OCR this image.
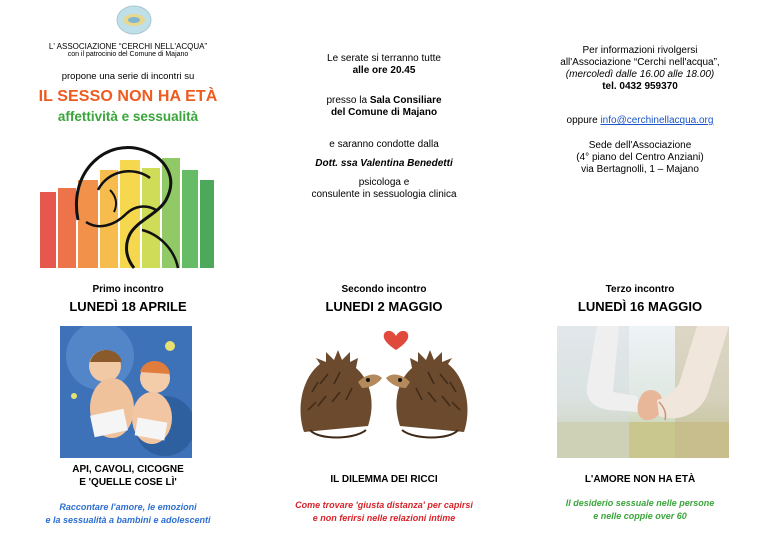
L' ASSOCIAZIONE “CERCHI NELL'ACQUA”
con il patrocinio del Comune di Majano
propone una serie di incontri su
IL SESSO NON HA ETÀ
affettività e sessualità
Primo incontro
LUNEDÌ 18 APRILE
API, CAVOLI, CICOGNE
E 'QUELLE COSE LÌ'
Raccontare l'amore, le emozioni
e la sessualità a bambini e adolescenti
Le serate si terranno tutte
alle ore 20.45
presso la Sala Consiliare
del Comune di Majano
e saranno condotte dalla
Dott. ssa Valentina Benedetti
psicologa e
consulente in sessuologia clinica
Secondo incontro
LUNEDI 2 MAGGIO
IL DILEMMA DEI RICCI
Come trovare 'giusta distanza' per capirsi
e non ferirsi nelle relazioni intime
Per informazioni rivolgersi
all'Associazione “Cerchi nell'acqua”,
(mercoledì dalle 16.00 alle 18.00)
tel. 0432 959370
oppure info@cerchinellacqua.org
Sede dell'Associazione
(4° piano del Centro Anziani)
via Bertagnolli, 1 – Majano
Terzo incontro
LUNEDÌ 16 MAGGIO
L'AMORE NON HA ETÀ
Il desiderio sessuale nelle persone
e nelle coppie over 60
